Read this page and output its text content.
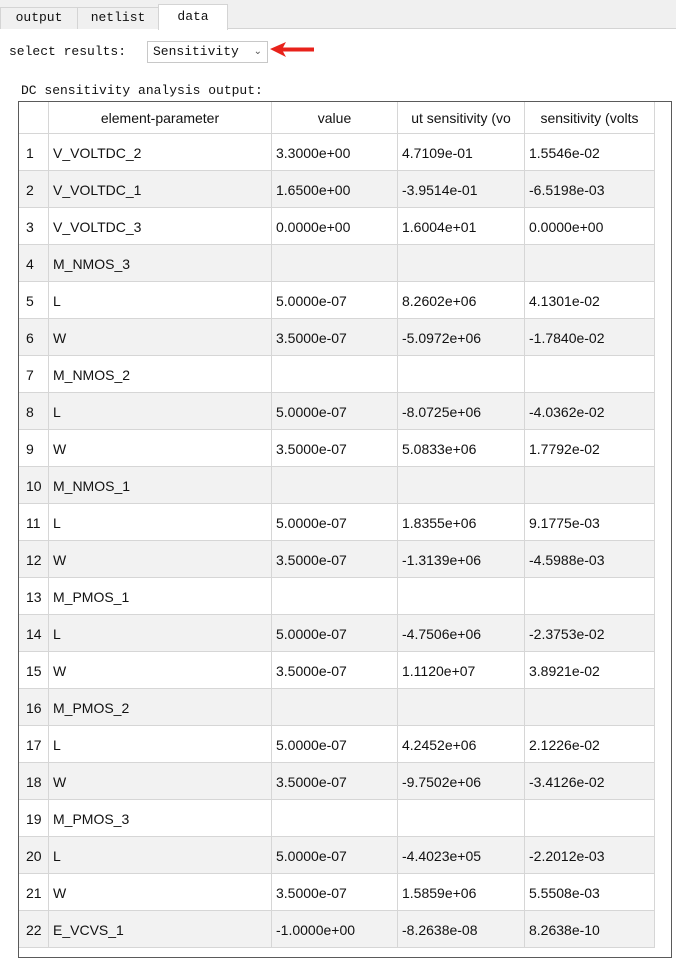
output	netlist	data
select results:	Sensitivity ⌄
DC sensitivity analysis output:
element-parameter	value	ut sensitivity (vo	sensitivity (volts
1	V_VOLTDC_2	3.3000e+00	4.7109e-01	1.5546e-02
2	V_VOLTDC_1	1.6500e+00	-3.9514e-01	-6.5198e-03
3	V_VOLTDC_3	0.0000e+00	1.6004e+01	0.0000e+00
4	M_NMOS_3
5	L	5.0000e-07	8.2602e+06	4.1301e-02
6	W	3.5000e-07	-5.0972e+06	-1.7840e-02
7	M_NMOS_2
8	L	5.0000e-07	-8.0725e+06	-4.0362e-02
9	W	3.5000e-07	5.0833e+06	1.7792e-02
10 M_NMOS_1
11 L	5.0000e-07	1.8355e+06	9.1775e-03
12 W	3.5000e-07	-1.3139e+06	-4.5988e-03
13 M_PMOS_1
14 L	5.0000e-07	-4.7506e+06	-2.3753e-02
15 W	3.5000e-07	1.1120e+07	3.8921e-02
16 M_PMOS_2
17 L	5.0000e-07	4.2452e+06	2.1226e-02
18 W	3.5000e-07	-9.7502e+06	-3.4126e-02
19 M_PMOS_3
20 L	5.0000e-07	-4.4023e+05	-2.2012e-03
21 W	3.5000e-07	1.5859e+06	5.5508e-03
22 E_VCVS_1	-1.0000e+00	-8.2638e-08	8.2638e-10
